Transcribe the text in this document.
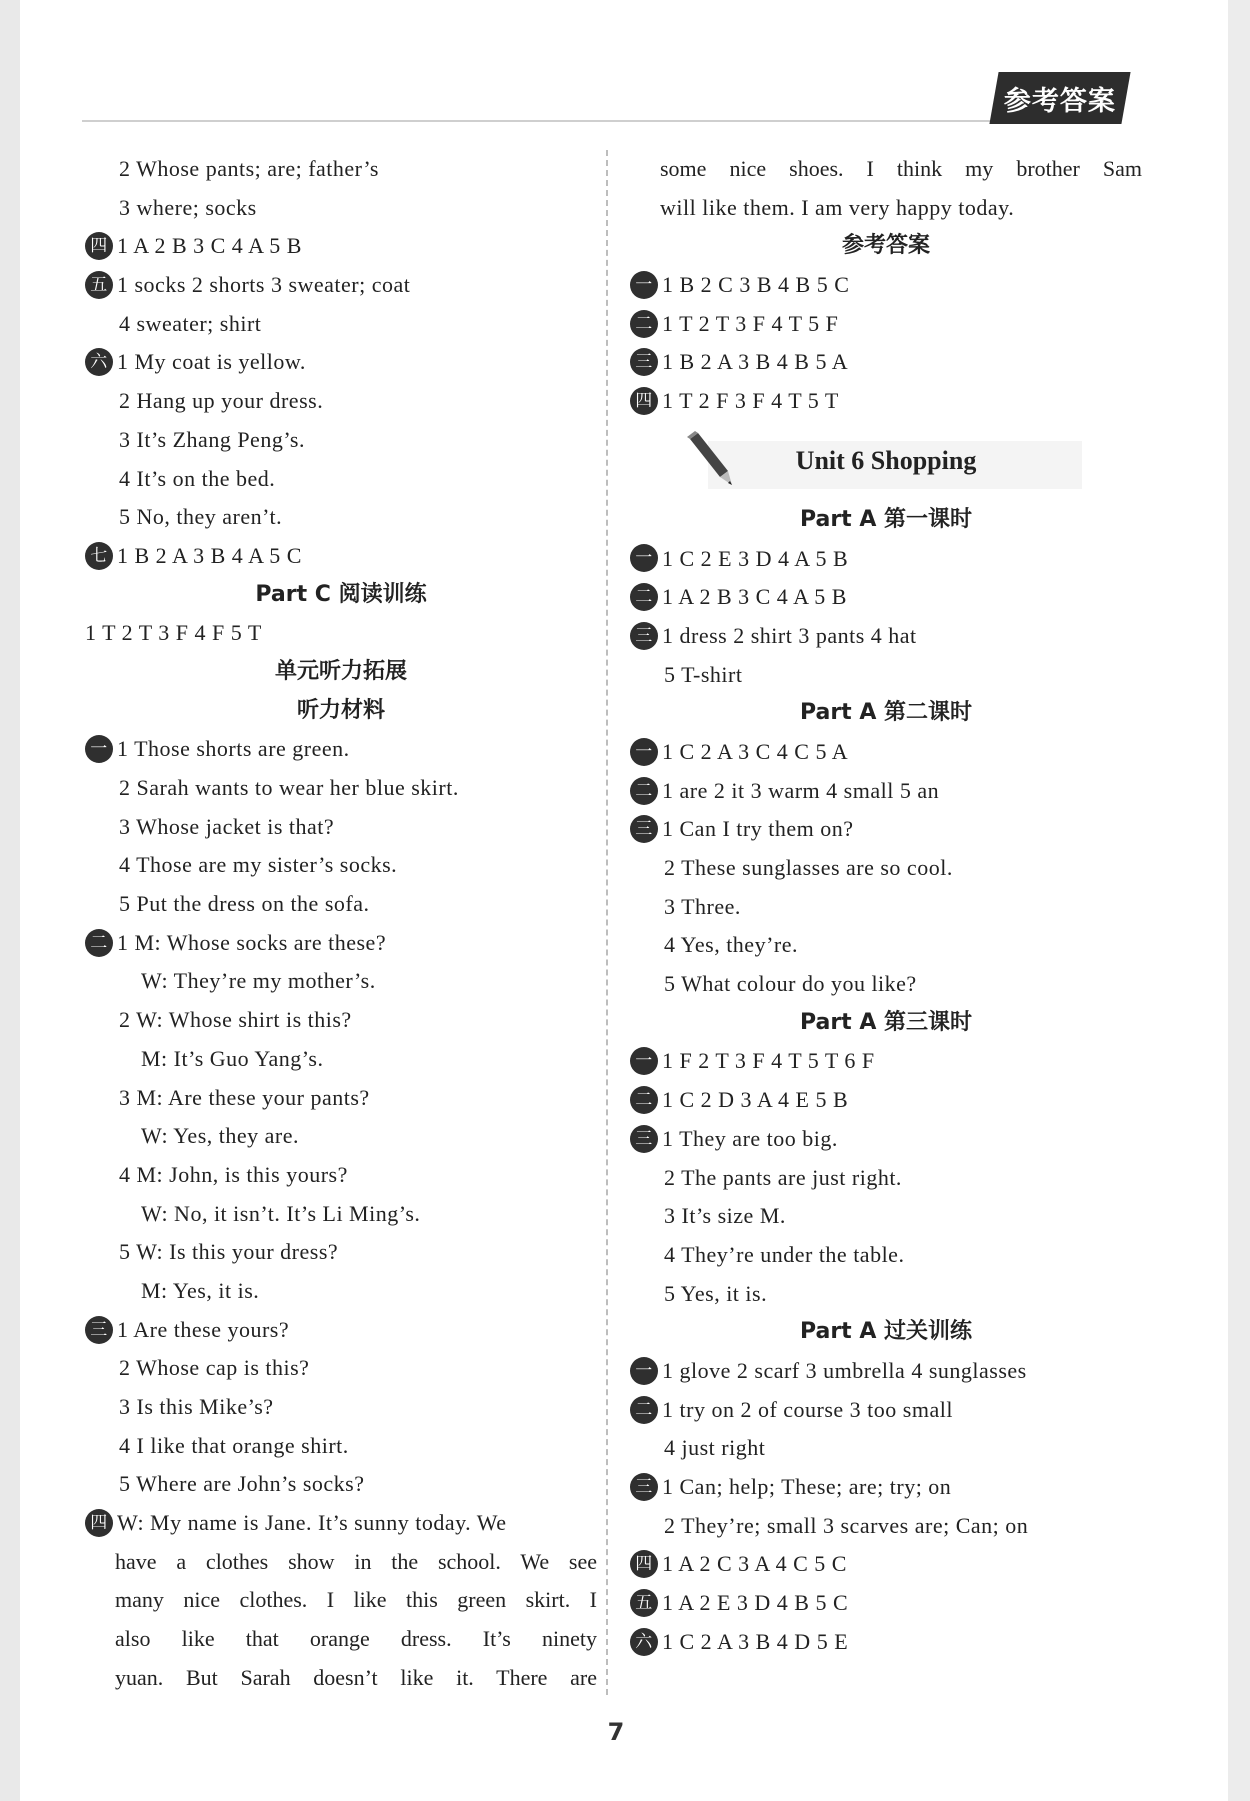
参考答案
2 Whose pants; are; father’s
3 where; socks
四 1 A 2 B 3 C 4 A 5 B
五 1 socks 2 shorts 3 sweater; coat
4 sweater; shirt
六 1 My coat is yellow.
2 Hang up your dress.
3 It’s Zhang Peng’s.
4 It’s on the bed.
5 No, they aren’t.
七 1 B 2 A 3 B 4 A 5 C
Part C 阅读训练
1 T 2 T 3 F 4 F 5 T
单元听力拓展
听力材料
一 1 Those shorts are green.
2 Sarah wants to wear her blue skirt.
3 Whose jacket is that?
4 Those are my sister’s socks.
5 Put the dress on the sofa.
二 1 M: Whose socks are these?
W: They’re my mother’s.
2 W: Whose shirt is this?
M: It’s Guo Yang’s.
3 M: Are these your pants?
W: Yes, they are.
4 M: John, is this yours?
W: No, it isn’t. It’s Li Ming’s.
5 W: Is this your dress?
M: Yes, it is.
三 1 Are these yours?
2 Whose cap is this?
3 Is this Mike’s?
4 I like that orange shirt.
5 Where are John’s socks?
四 W: My name is Jane. It’s sunny today. We
have a clothes show in the school. We see
many nice clothes. I like this green skirt. I
also like that orange dress. It’s ninety
yuan. But Sarah doesn’t like it. There are
some nice shoes. I think my brother Sam
will like them. I am very happy today.
参考答案
一 1 B 2 C 3 B 4 B 5 C
二 1 T 2 T 3 F 4 T 5 F
三 1 B 2 A 3 B 4 B 5 A
四 1 T 2 F 3 F 4 T 5 T
Unit 6 Shopping
Part A 第一课时
一 1 C 2 E 3 D 4 A 5 B
二 1 A 2 B 3 C 4 A 5 B
三 1 dress 2 shirt 3 pants 4 hat
5 T-shirt
Part A 第二课时
一 1 C 2 A 3 C 4 C 5 A
二 1 are 2 it 3 warm 4 small 5 an
三 1 Can I try them on?
2 These sunglasses are so cool.
3 Three.
4 Yes, they’re.
5 What colour do you like?
Part A 第三课时
一 1 F 2 T 3 F 4 T 5 T 6 F
二 1 C 2 D 3 A 4 E 5 B
三 1 They are too big.
2 The pants are just right.
3 It’s size M.
4 They’re under the table.
5 Yes, it is.
Part A 过关训练
一 1 glove 2 scarf 3 umbrella 4 sunglasses
二 1 try on 2 of course 3 too small
4 just right
三 1 Can; help; These; are; try; on
2 They’re; small 3 scarves are; Can; on
四 1 A 2 C 3 A 4 C 5 C
五 1 A 2 E 3 D 4 B 5 C
六 1 C 2 A 3 B 4 D 5 E
7
